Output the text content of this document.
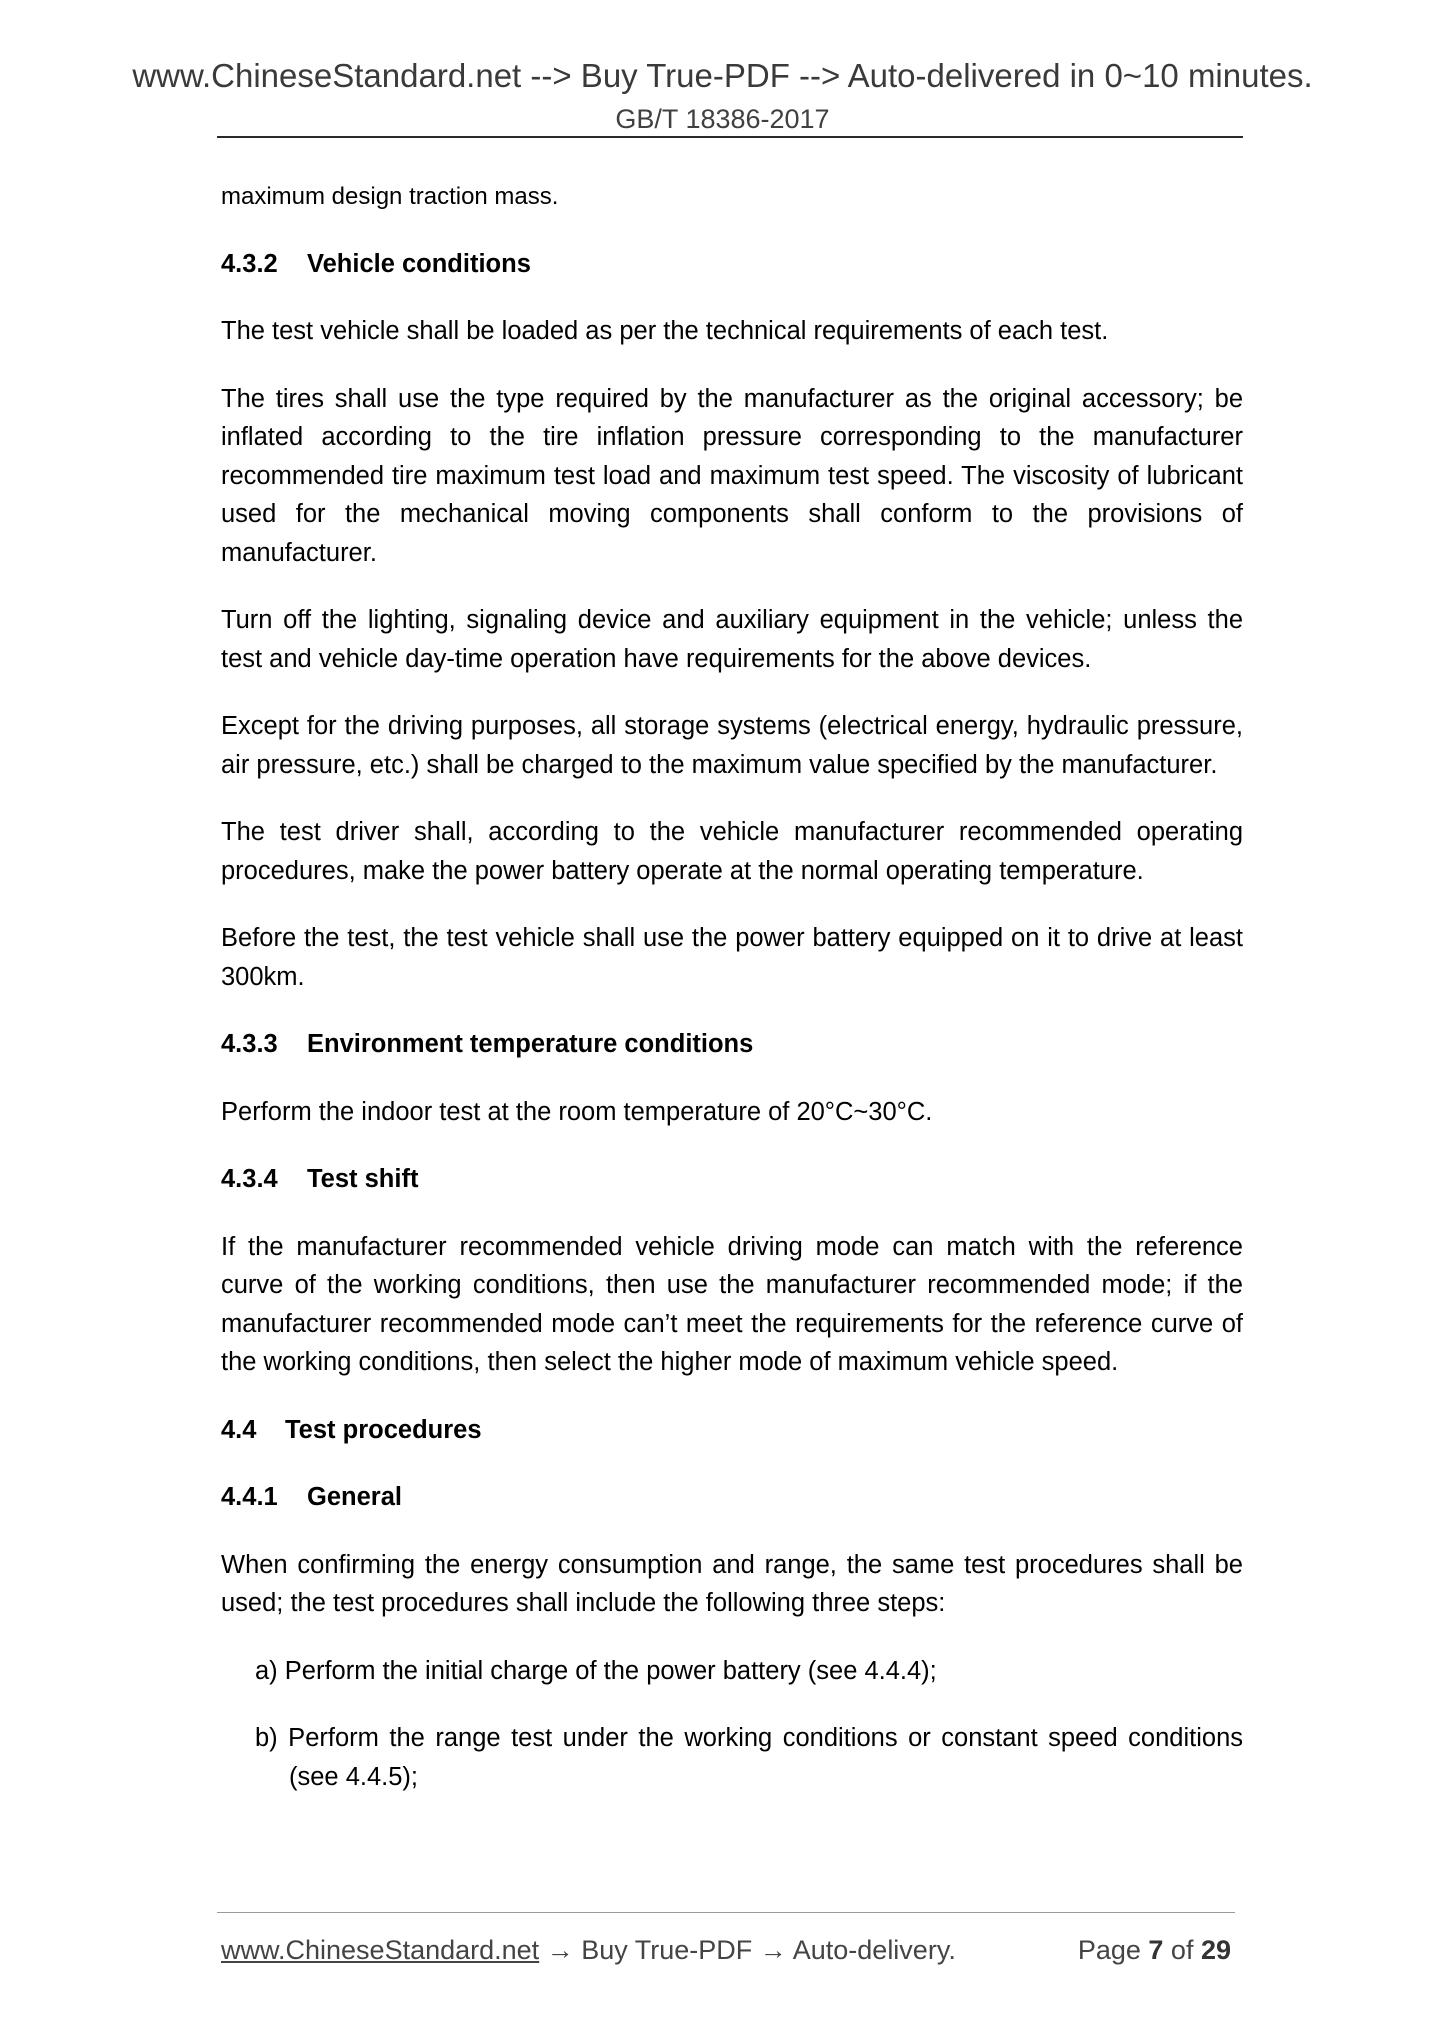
www.ChineseStandard.net --> Buy True-PDF --> Auto-delivered in 0~10 minutes.
GB/T 18386-2017

maximum design traction mass.

4.3.2 Vehicle conditions

The test vehicle shall be loaded as per the technical requirements of each test.

The tires shall use the type required by the manufacturer as the original accessory; be inflated according to the tire inflation pressure corresponding to the manufacturer recommended tire maximum test load and maximum test speed. The viscosity of lubricant used for the mechanical moving components shall conform to the provisions of manufacturer.

Turn off the lighting, signaling device and auxiliary equipment in the vehicle; unless the test and vehicle day-time operation have requirements for the above devices.

Except for the driving purposes, all storage systems (electrical energy, hydraulic pressure, air pressure, etc.) shall be charged to the maximum value specified by the manufacturer.

The test driver shall, according to the vehicle manufacturer recommended operating procedures, make the power battery operate at the normal operating temperature.

Before the test, the test vehicle shall use the power battery equipped on it to drive at least 300km.

4.3.3 Environment temperature conditions

Perform the indoor test at the room temperature of 20°C~30°C.

4.3.4 Test shift

If the manufacturer recommended vehicle driving mode can match with the reference curve of the working conditions, then use the manufacturer recommended mode; if the manufacturer recommended mode can’t meet the requirements for the reference curve of the working conditions, then select the higher mode of maximum vehicle speed.

4.4 Test procedures
4.4.1 General

When confirming the energy consumption and range, the same test procedures shall be used; the test procedures shall include the following three steps:

a) Perform the initial charge of the power battery (see 4.4.4);
b) Perform the range test under the working conditions or constant speed conditions (see 4.4.5);
www.ChineseStandard.net → Buy True-PDF → Auto-delivery.	Page 7 of 29
